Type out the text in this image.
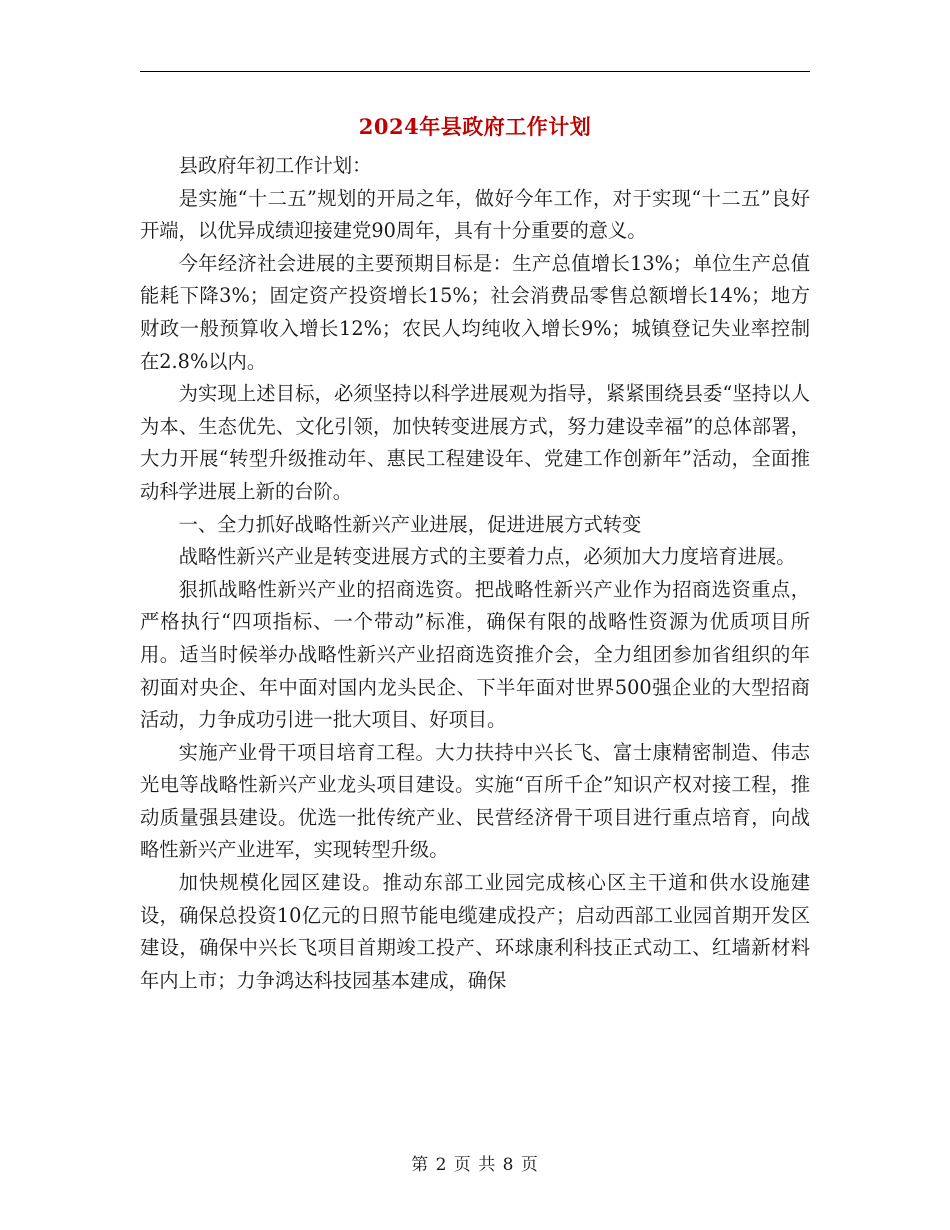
2024年县政府工作计划

县政府年初工作计划：

是实施“十二五”规划的开局之年，做好今年工作，对于实现“十二五”良好开端，以优异成绩迎接建党90周年，具有十分重要的意义。

今年经济社会进展的主要预期目标是：生产总值增长13%；单位生产总值能耗下降3%；固定资产投资增长15%；社会消费品零售总额增长14%；地方财政一般预算收入增长12%；农民人均纯收入增长9%；城镇登记失业率控制在2.8%以内。

为实现上述目标，必须坚持以科学进展观为指导，紧紧围绕县委“坚持以人为本、生态优先、文化引领，加快转变进展方式，努力建设幸福”的总体部署，大力开展“转型升级推动年、惠民工程建设年、党建工作创新年”活动，全面推动科学进展上新的台阶。

一、全力抓好战略性新兴产业进展，促进进展方式转变

战略性新兴产业是转变进展方式的主要着力点，必须加大力度培育进展。

狠抓战略性新兴产业的招商选资。把战略性新兴产业作为招商选资重点，严格执行“四项指标、一个带动”标准，确保有限的战略性资源为优质项目所用。适当时候举办战略性新兴产业招商选资推介会，全力组团参加省组织的年初面对央企、年中面对国内龙头民企、下半年面对世界500强企业的大型招商活动，力争成功引进一批大项目、好项目。

实施产业骨干项目培育工程。大力扶持中兴长飞、富士康精密制造、伟志光电等战略性新兴产业龙头项目建设。实施“百所千企”知识产权对接工程，推动质量强县建设。优选一批传统产业、民营经济骨干项目进行重点培育，向战略性新兴产业进军，实现转型升级。

加快规模化园区建设。推动东部工业园完成核心区主干道和供水设施建设，确保总投资10亿元的日照节能电缆建成投产；启动西部工业园首期开发区建设，确保中兴长飞项目首期竣工投产、环球康利科技正式动工、红墙新材料年内上市；力争鸿达科技园基本建成，确保

第 2 页 共 8 页
